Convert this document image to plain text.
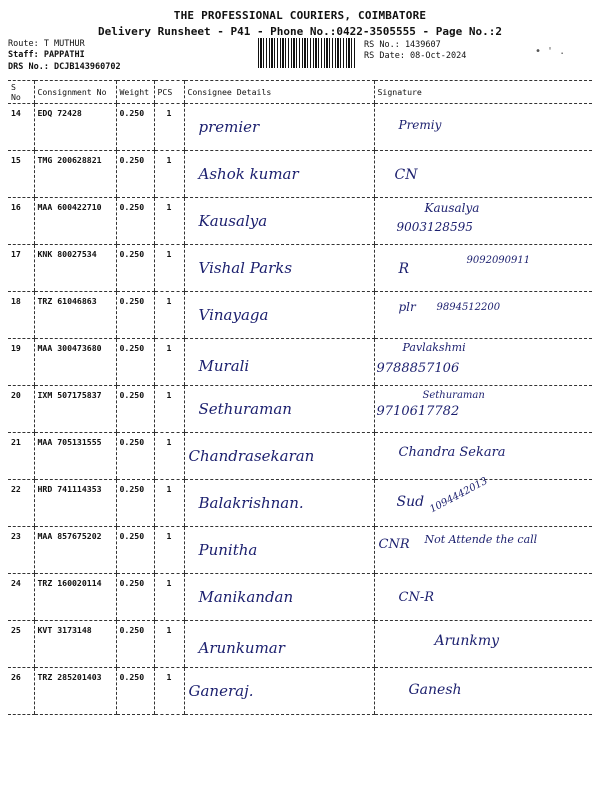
THE PROFESSIONAL COURIERS, COIMBATORE
Delivery Runsheet - P41 - Phone No.:0422-3505555 - Page No.:2
Route: T MUTHUR
Staff: PAPPATHI
DRS No.: DCJB143960702
RS No.: 1439607
RS Date: 08-Oct-2024	• ' .
S No	Consignment No	Weight	PCS	Consignee Details	Signature
14	EDQ 72428	0.250	1	premier	Premiy

15	TMG 200628821	0.250	1	Ashok kumar	CN

16	MAA 600422710	0.250	1	Kausalya	Kausalya
9003128595

17	KNK 80027534	0.250	1	Vishal Parks	R
9092090911

18	TRZ 61046863	0.250	1	Vinayaga	plr 9894512200

19	MAA 300473680	0.250	1	Murali	Pavlakshmi
9788857106

20	IXM 507175837	0.250	1	Sethuraman	Sethuraman
9710617782

21	MAA 705131555	0.250	1	Chandrasekaran	Chandra Sekara

22	HRD 741114353	0.250	1	Balakrishnan.	Sud 1094442013

23	MAA 857675202	0.250	1	Punitha	CNR Not Attende the call

24	TRZ 160020114	0.250	1	Manikandan	CN-R

25	KVT 3173148	0.250	1	Arunkumar	Arunkmy

26	TRZ 285201403	0.250	1	Ganeraj.	Ganesh
